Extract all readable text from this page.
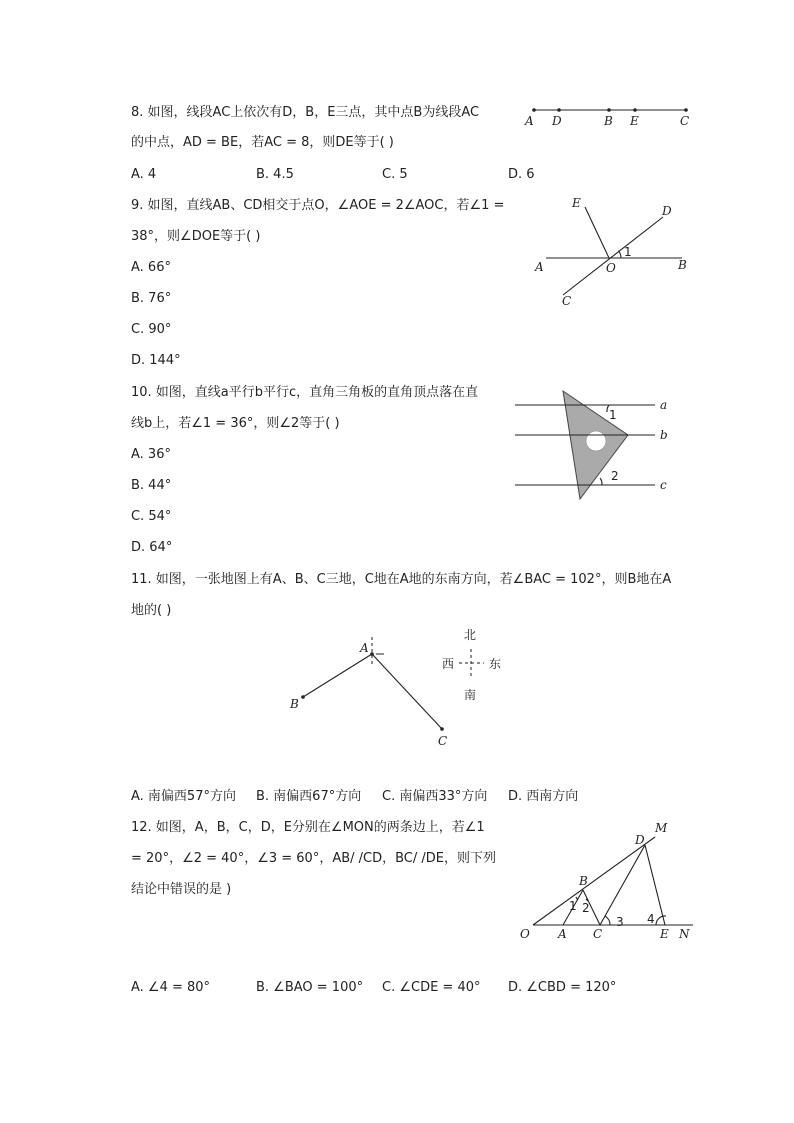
8. 如图，线段AC上依次有D，B，E三点，其中点B为线段AC
的中点，AD = BE，若AC = 8，则DE等于( )
A. 4	B. 4.5	C. 5	D. 6
A D	B E	C
9. 如图，直线AB、CD相交于点O，∠AOE = 2∠AOC，若∠1 =
38°，则∠DOE等于( )
A. 66°
B. 76°
C. 90°
D. 144°
E
D
A	O	B
C
1
10. 如图，直线a平行b平行c，直角三角板的直角顶点落在直
线b上，若∠1 = 36°，则∠2等于( )
A. 36°
B. 44°
C. 54°
D. 64°
1
2
a
b
c
11. 如图，一张地图上有A、B、C三地，C地在A地的东南方向，若∠BAC = 102°，则B地在A
地的( )
A
B
C
北
南
西	东
A. 南偏西57°方向 B. 南偏西67°方向 C. 南偏西33°方向 D. 西南方向
12. 如图，A，B，C，D，E分别在∠MON的两条边上，若∠1
= 20°，∠2 = 40°，∠3 = 60°，AB/ /CD，BC/ /DE，则下列
结论中错误的是 )
O A C	E N
B
D
M
1 2
3 4
A. ∠4 = 80°	B. ∠BAO = 100° C. ∠CDE = 40° D. ∠CBD = 120°
